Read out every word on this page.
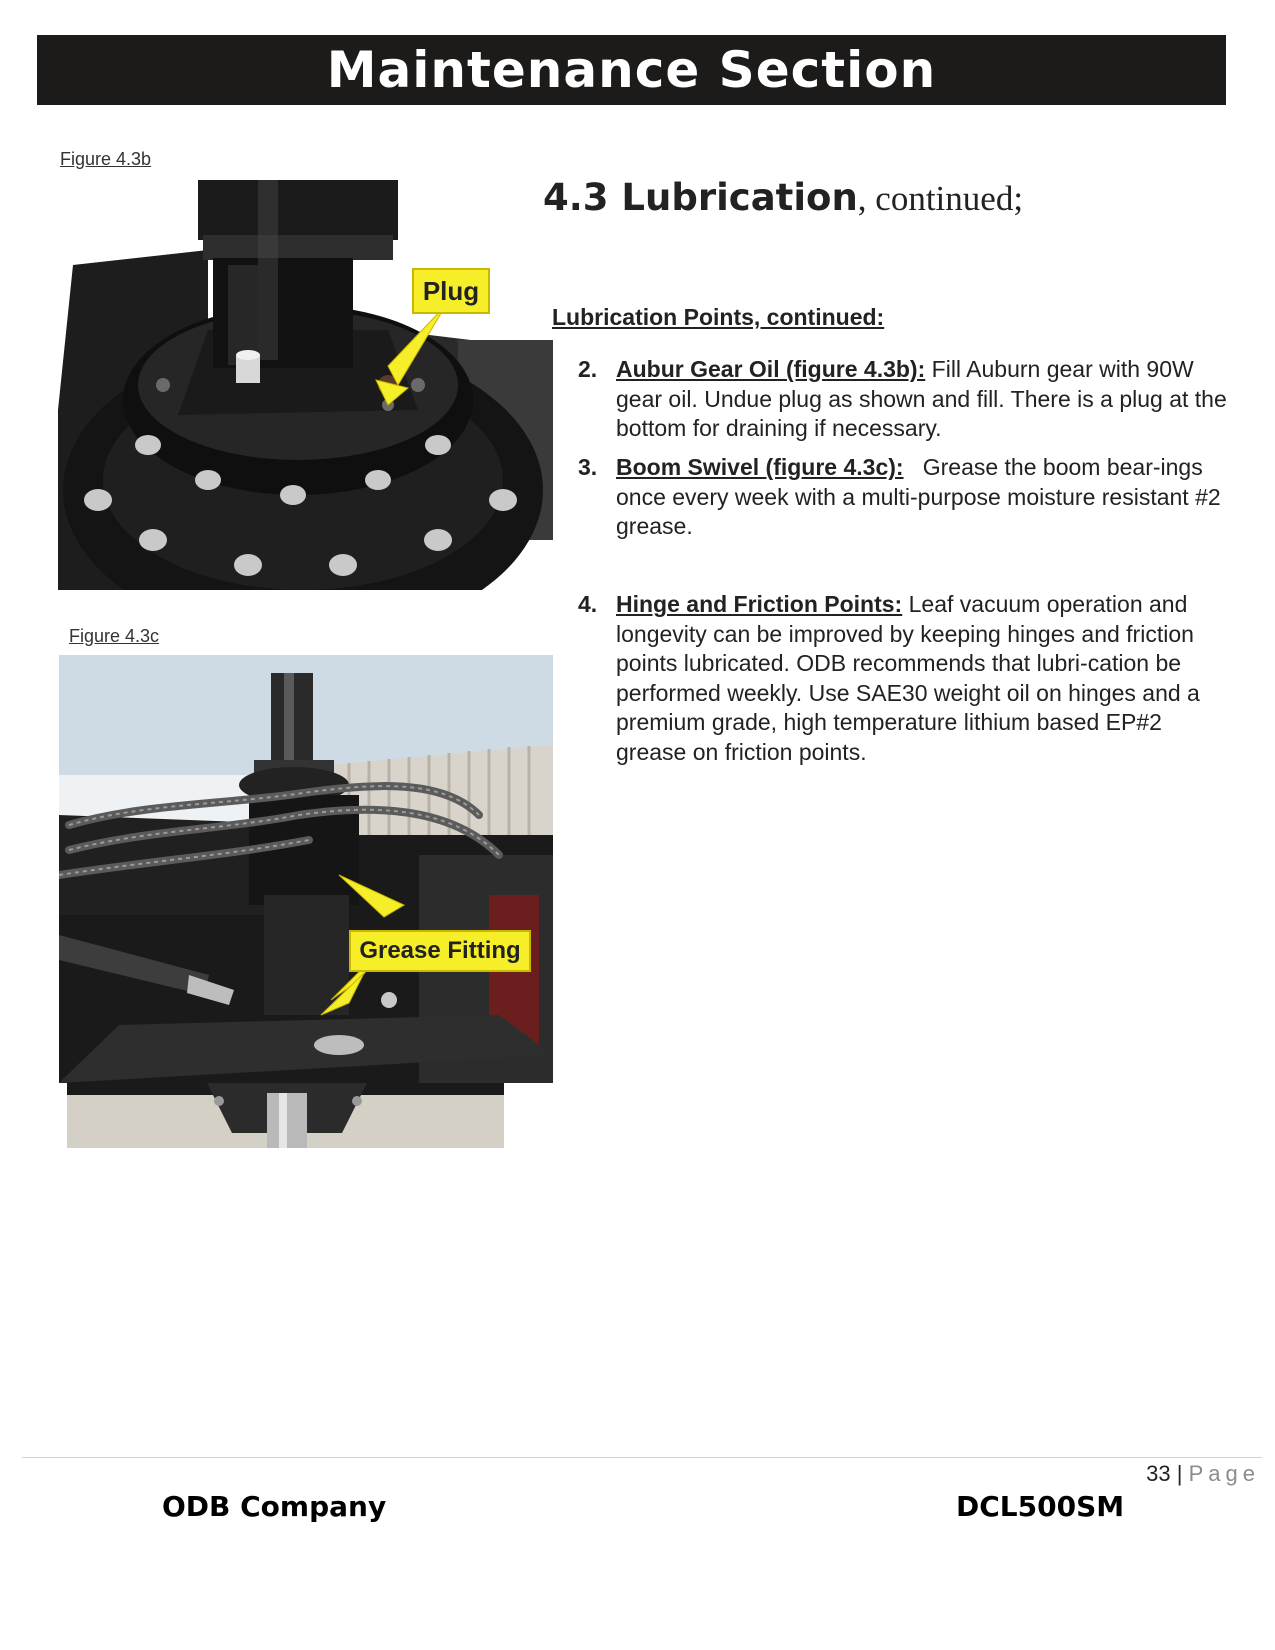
Maintenance Section
Figure 4.3b
Plug
Figure 4.3c
Grease Fitting
4.3 Lubrication, continued;
Lubrication Points, continued:
2. Aubur Gear Oil (figure 4.3b): Fill Auburn gear with 90W gear oil. Undue plug as shown and fill. There is a plug at the bottom for draining if necessary.
3. Boom Swivel (figure 4.3c):   Grease the boom bear-ings once every week with a multi-purpose moisture resistant #2 grease.
4. Hinge and Friction Points: Leaf vacuum operation and longevity can be improved by keeping hinges and friction points lubricated. ODB recommends that lubri-cation be performed weekly. Use SAE30 weight oil on hinges and a premium grade, high temperature lithium based EP#2 grease on friction points.
33 | Page
ODB Company	DCL500SM
